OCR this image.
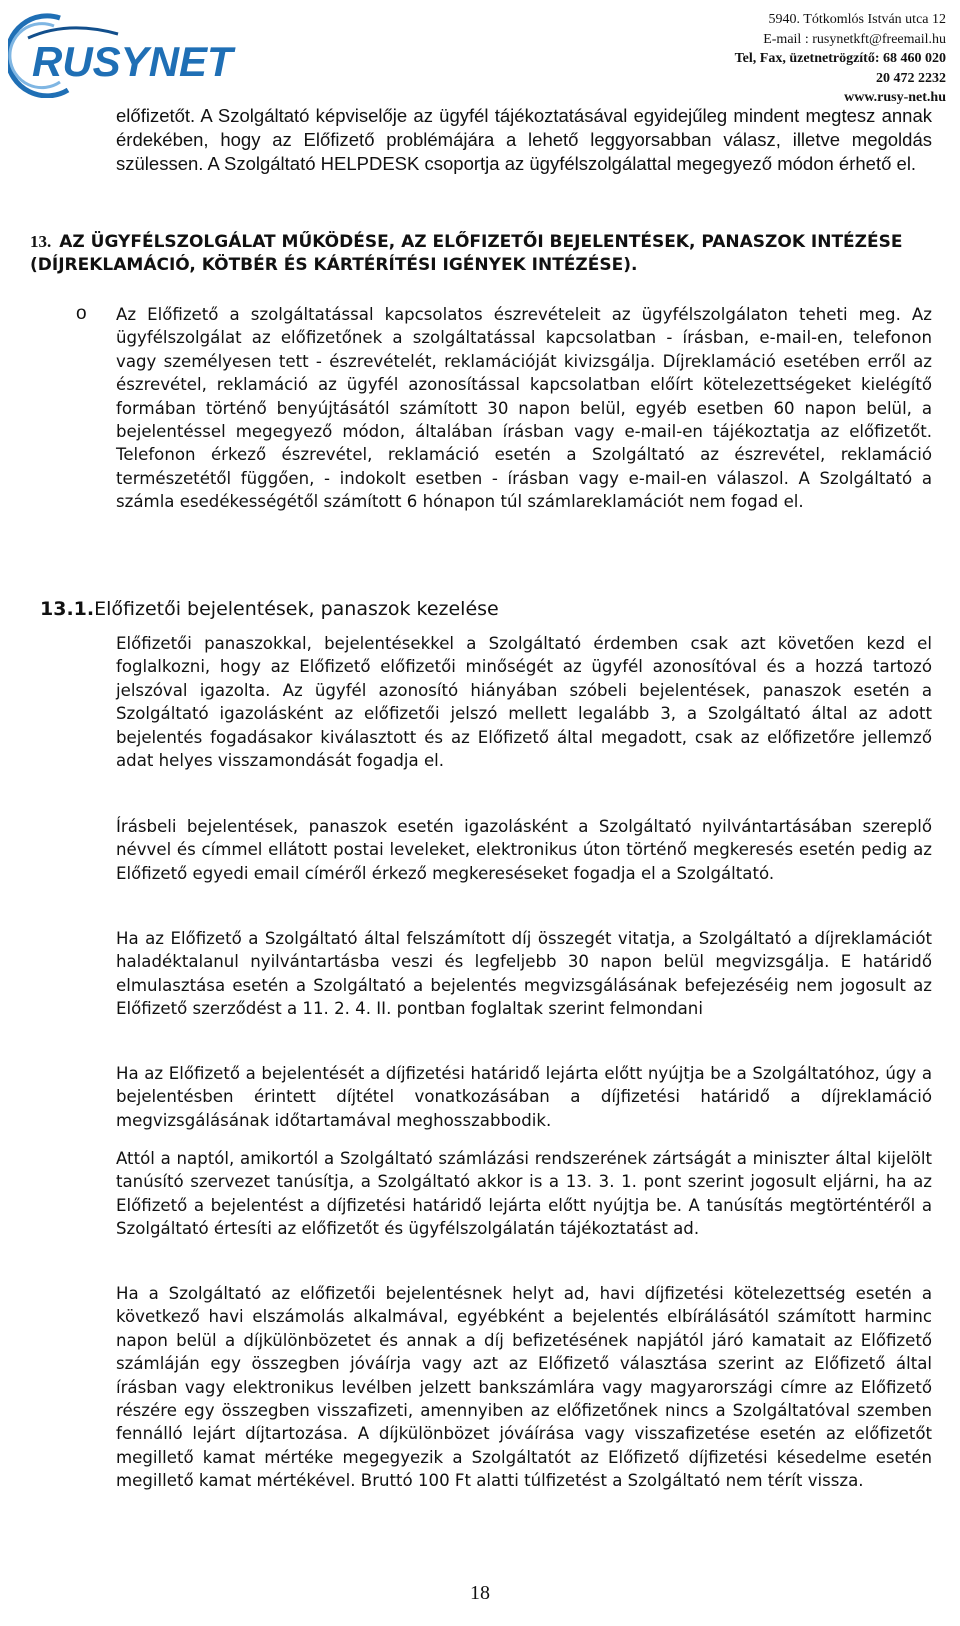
RUSYNET
5940. Tótkomlós István utca 12
E-mail : rusynetkft@freemail.hu
Tel, Fax, üzetnetrögzítő: 68 460 020
20 472 2232
www.rusy-net.hu

előfizetőt. A Szolgáltató képviselője az ügyfél tájékoztatásával egyidejűleg mindent megtesz annak érdekében, hogy az Előfizető problémájára a lehető leggyorsabban válasz, illetve megoldás szülessen. A Szolgáltató HELPDESK csoportja az ügyfélszolgálattal megegyező módon érhető el.

13. AZ ÜGYFÉLSZOLGÁLAT MŰKÖDÉSE, AZ ELŐFIZETŐI BEJELENTÉSEK, PANASZOK INTÉZÉSE (DÍJREKLAMÁCIÓ, KÖTBÉR ÉS KÁRTÉRÍTÉSI IGÉNYEK INTÉZÉSE).
o Az Előfizető a szolgáltatással kapcsolatos észrevételeit az ügyfélszolgálaton teheti meg. Az ügyfélszolgálat az előfizetőnek a szolgáltatással kapcsolatban - írásban, e-mail-en, telefonon vagy személyesen tett - észrevételét, reklamációját kivizsgálja. Díjreklamáció esetében erről az észrevétel, reklamáció az ügyfél azonosítással kapcsolatban előírt kötelezettségeket kielégítő formában történő benyújtásától számított 30 napon belül, egyéb esetben 60 napon belül, a bejelentéssel megegyező módon, általában írásban vagy e-mail-en tájékoztatja az előfizetőt. Telefonon érkező észrevétel, reklamáció esetén a Szolgáltató az észrevétel, reklamáció természetétől függően, - indokolt esetben - írásban vagy e-mail-en válaszol. A Szolgáltató a számla esedékességétől számított 6 hónapon túl számlareklamációt nem fogad el.

13.1.Előfizetői bejelentések, panaszok kezelése

Előfizetői panaszokkal, bejelentésekkel a Szolgáltató érdemben csak azt követően kezd el foglalkozni, hogy az Előfizető előfizetői minőségét az ügyfél azonosítóval és a hozzá tartozó jelszóval igazolta. Az ügyfél azonosító hiányában szóbeli bejelentések, panaszok esetén a Szolgáltató igazolásként az előfizetői jelszó mellett legalább 3, a Szolgáltató által az adott bejelentés fogadásakor kiválasztott és az Előfizető által megadott, csak az előfizetőre jellemző adat helyes visszamondását fogadja el.

Írásbeli bejelentések, panaszok esetén igazolásként a Szolgáltató nyilvántartásában szereplő névvel és címmel ellátott postai leveleket, elektronikus úton történő megkeresés esetén pedig az Előfizető egyedi email címéről érkező megkereséseket fogadja el a Szolgáltató.

Ha az Előfizető a Szolgáltató által felszámított díj összegét vitatja, a Szolgáltató a díjreklamációt haladéktalanul nyilvántartásba veszi és legfeljebb 30 napon belül megvizsgálja. E határidő elmulasztása esetén a Szolgáltató a bejelentés megvizsgálásának befejezéséig nem jogosult az Előfizető szerződést a 11. 2. 4. II. pontban foglaltak szerint felmondani

Ha az Előfizető a bejelentését a díjfizetési határidő lejárta előtt nyújtja be a Szolgáltatóhoz, úgy a bejelentésben érintett díjtétel vonatkozásában a díjfizetési határidő a díjreklamáció megvizsgálásának időtartamával meghosszabbodik.

Attól a naptól, amikortól a Szolgáltató számlázási rendszerének zártságát a miniszter által kijelölt tanúsító szervezet tanúsítja, a Szolgáltató akkor is a 13. 3. 1. pont szerint jogosult eljárni, ha az Előfizető a bejelentést a díjfizetési határidő lejárta előtt nyújtja be. A tanúsítás megtörténtéről a Szolgáltató értesíti az előfizetőt és ügyfélszolgálatán tájékoztatást ad.

Ha a Szolgáltató az előfizetői bejelentésnek helyt ad, havi díjfizetési kötelezettség esetén a következő havi elszámolás alkalmával, egyébként a bejelentés elbírálásától számított harminc napon belül a díjkülönbözetet és annak a díj befizetésének napjától járó kamatait az Előfizető számláján egy összegben jóváírja vagy azt az Előfizető választása szerint az Előfizető által írásban vagy elektronikus levélben jelzett bankszámlára vagy magyarországi címre az Előfizető részére egy összegben visszafizeti, amennyiben az előfizetőnek nincs a Szolgáltatóval szemben fennálló lejárt díjtartozása. A díjkülönbözet jóváírása vagy visszafizetése esetén az előfizetőt megillető kamat mértéke megegyezik a Szolgáltatót az Előfizető díjfizetési késedelme esetén megillető kamat mértékével. Bruttó 100 Ft alatti túlfizetést a Szolgáltató nem térít vissza.

18
